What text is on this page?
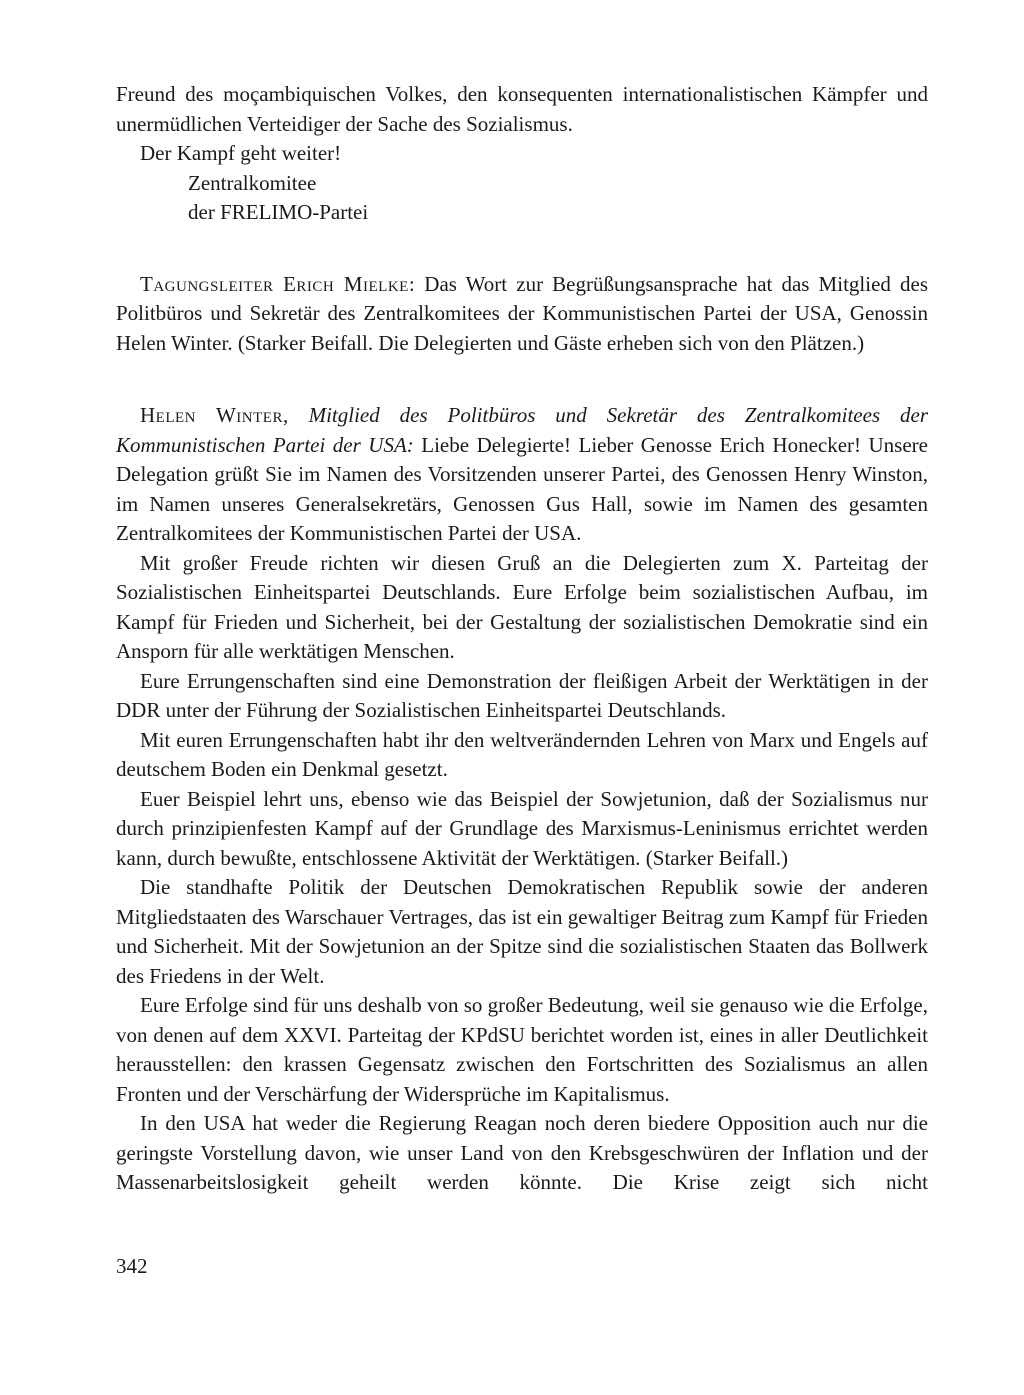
Freund des moçambiquischen Volkes, den konsequenten internationalistischen Kämpfer und unermüdlichen Verteidiger der Sache des Sozialismus.

Der Kampf geht weiter!

Zentralkomitee

der FRELIMO-Partei

Tagungsleiter Erich Mielke: Das Wort zur Begrüßungsansprache hat das Mitglied des Politbüros und Sekretär des Zentralkomitees der Kommunistischen Partei der USA, Genossin Helen Winter. (Starker Beifall. Die Delegierten und Gäste erheben sich von den Plätzen.)

Helen Winter, Mitglied des Politbüros und Sekretär des Zentralkomitees der Kommunistischen Partei der USA: Liebe Delegierte! Lieber Genosse Erich Honecker! Unsere Delegation grüßt Sie im Namen des Vorsitzenden unserer Partei, des Genossen Henry Winston, im Namen unseres Generalsekretärs, Genossen Gus Hall, sowie im Namen des gesamten Zentralkomitees der Kommunistischen Partei der USA.

Mit großer Freude richten wir diesen Gruß an die Delegierten zum X. Parteitag der Sozialistischen Einheitspartei Deutschlands. Eure Erfolge beim sozialistischen Aufbau, im Kampf für Frieden und Sicherheit, bei der Gestaltung der sozialistischen Demokratie sind ein Ansporn für alle werktätigen Menschen.

Eure Errungenschaften sind eine Demonstration der fleißigen Arbeit der Werktätigen in der DDR unter der Führung der Sozialistischen Einheitspartei Deutschlands.

Mit euren Errungenschaften habt ihr den weltverändernden Lehren von Marx und Engels auf deutschem Boden ein Denkmal gesetzt.

Euer Beispiel lehrt uns, ebenso wie das Beispiel der Sowjetunion, daß der Sozialismus nur durch prinzipienfesten Kampf auf der Grundlage des Marxismus-Leninismus errichtet werden kann, durch bewußte, entschlossene Aktivität der Werktätigen. (Starker Beifall.)

Die standhafte Politik der Deutschen Demokratischen Republik sowie der anderen Mitgliedstaaten des Warschauer Vertrages, das ist ein gewaltiger Beitrag zum Kampf für Frieden und Sicherheit. Mit der Sowjetunion an der Spitze sind die sozialistischen Staaten das Bollwerk des Friedens in der Welt.

Eure Erfolge sind für uns deshalb von so großer Bedeutung, weil sie genauso wie die Erfolge, von denen auf dem XXVI. Parteitag der KPdSU berichtet worden ist, eines in aller Deutlichkeit herausstellen: den krassen Gegensatz zwischen den Fortschritten des Sozialismus an allen Fronten und der Verschärfung der Widersprüche im Kapitalismus.

In den USA hat weder die Regierung Reagan noch deren biedere Opposition auch nur die geringste Vorstellung davon, wie unser Land von den Krebsgeschwüren der Inflation und der Massenarbeitslosigkeit geheilt werden könnte. Die Krise zeigt sich nicht

342
